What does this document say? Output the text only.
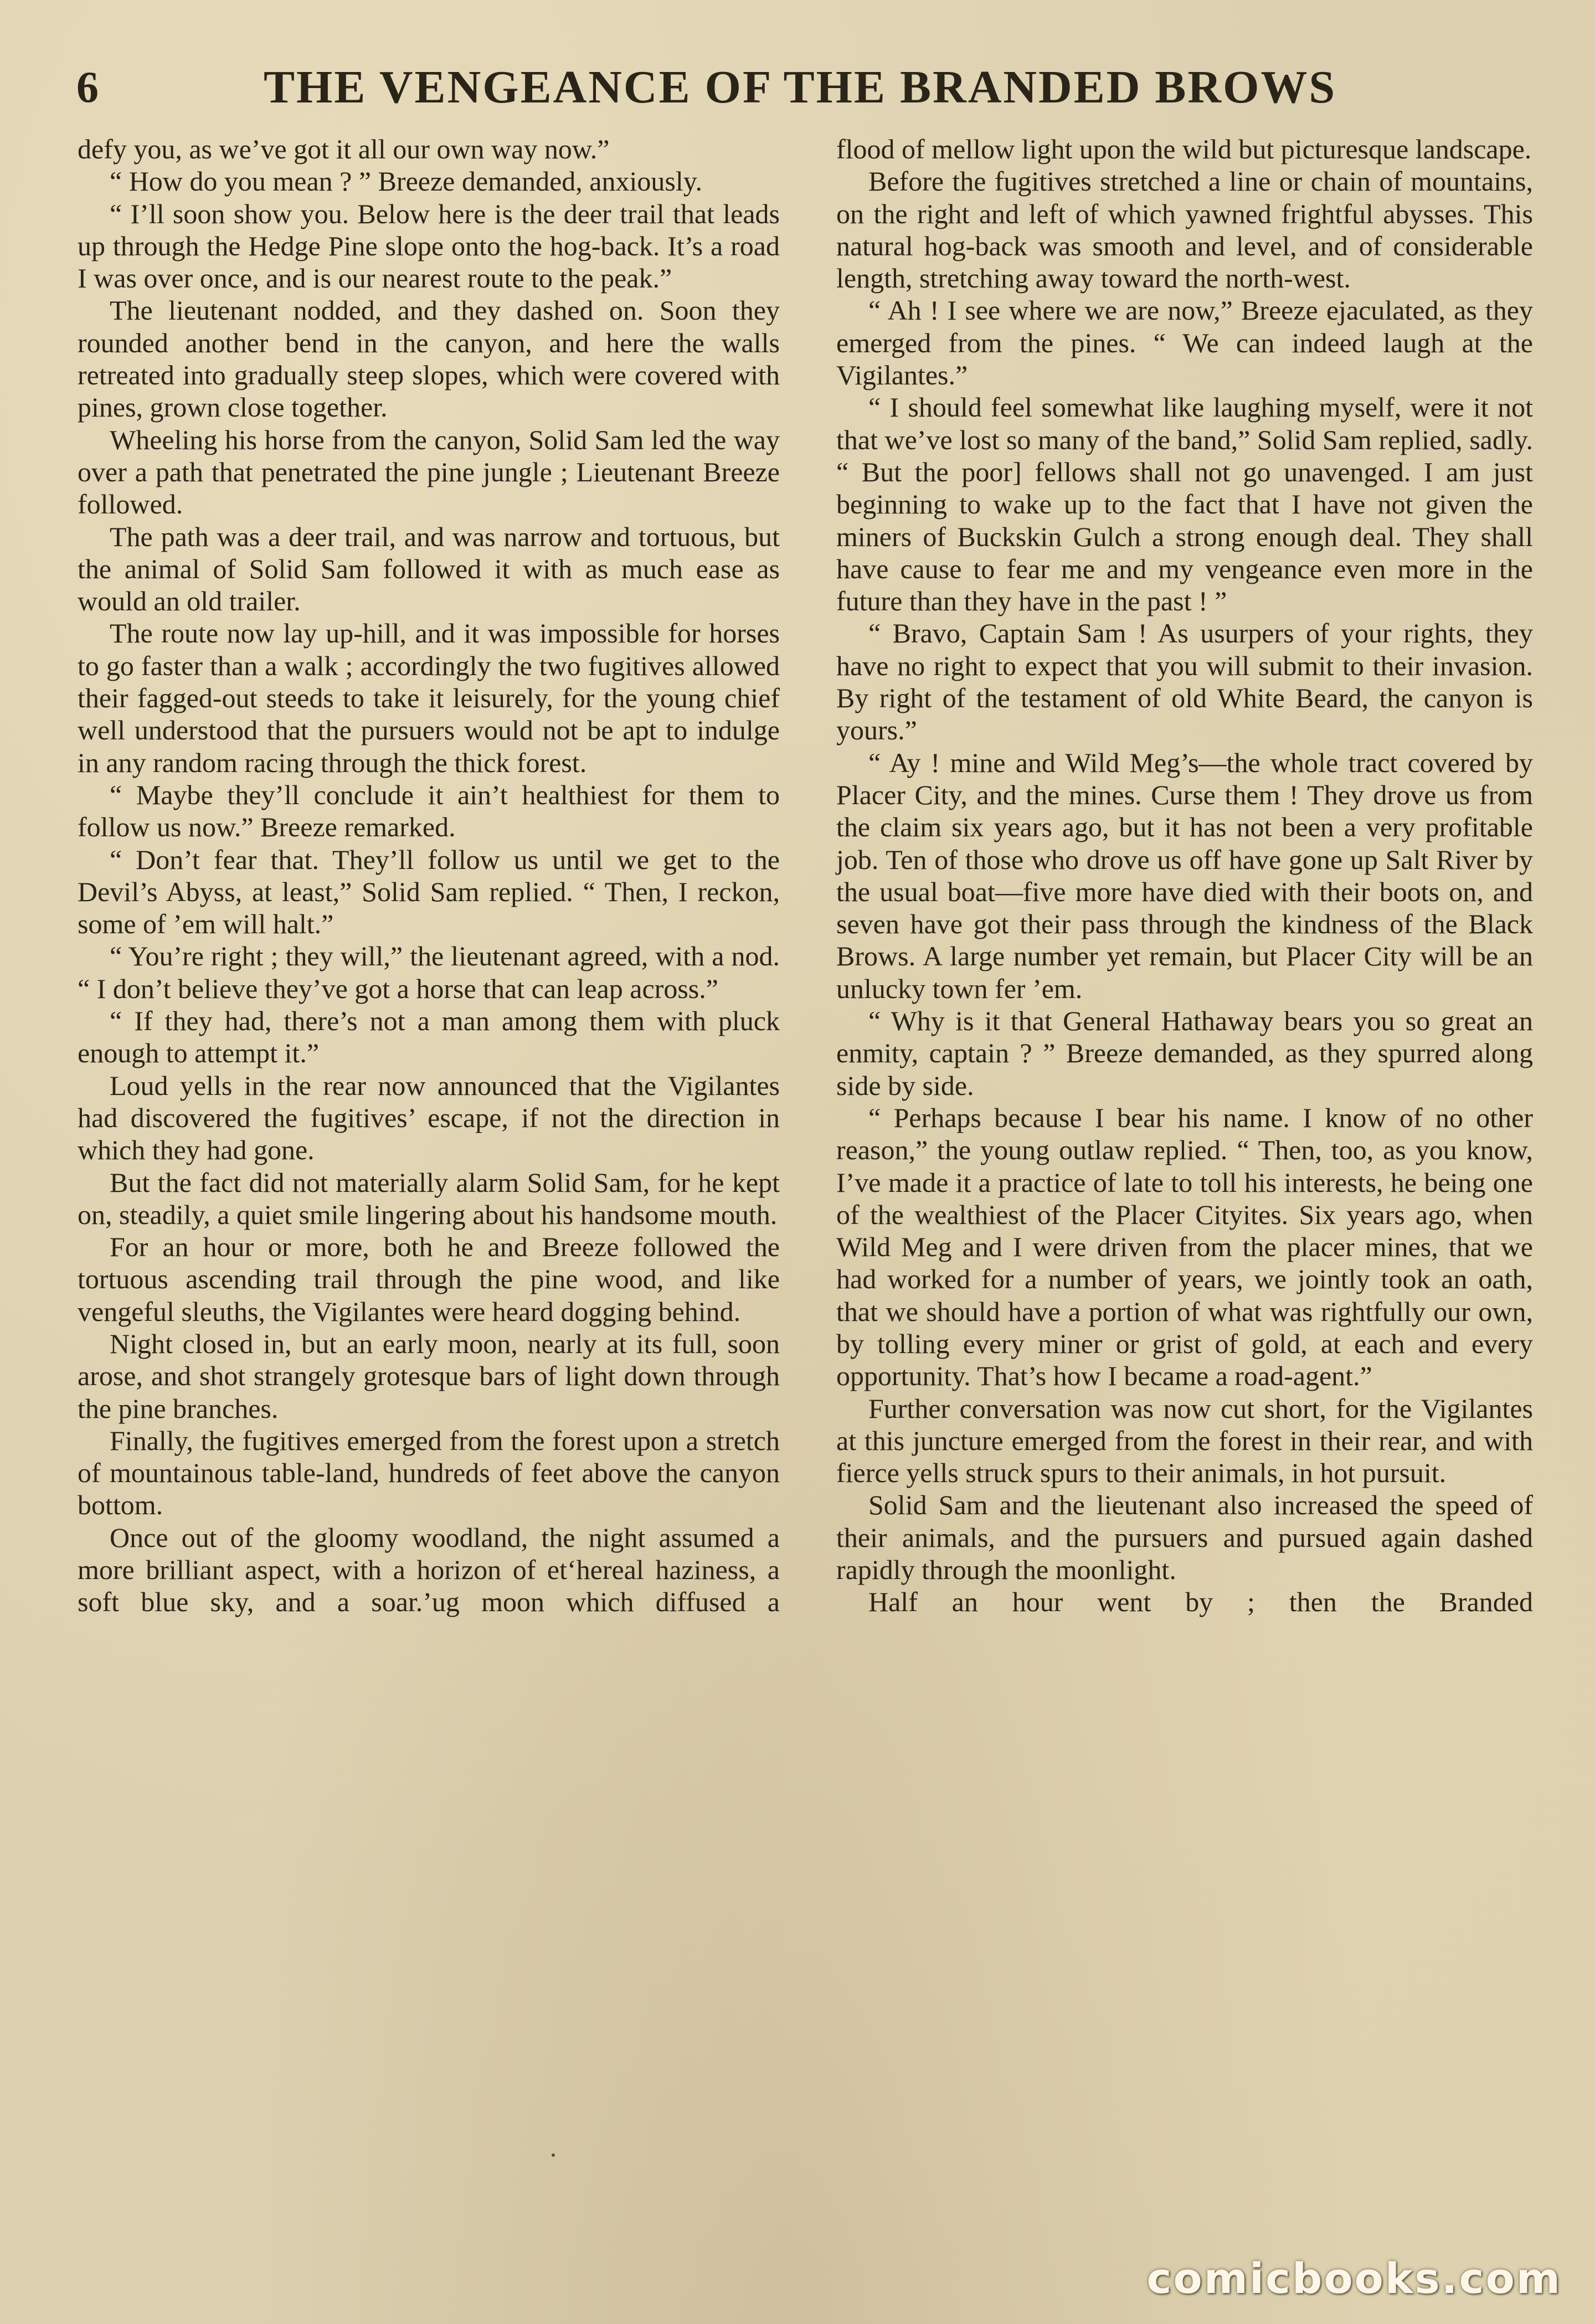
6	THE VENGEANCE OF THE BRANDED BROWS

defy you, as we’ve got it all our own way now.”

“ How do you mean ? ” Breeze demanded, anxiously.

“ I’ll soon show you. Below here is the deer trail that leads up through the Hedge Pine slope onto the hog-back. It’s a road I was over once, and is our nearest route to the peak.”

The lieutenant nodded, and they dashed on. Soon they rounded another bend in the canyon, and here the walls retreated into gradually steep slopes, which were covered with pines, grown close together.

Wheeling his horse from the canyon, Solid Sam led the way over a path that penetrated the pine jungle ; Lieutenant Breeze followed.

The path was a deer trail, and was narrow and tortuous, but the animal of Solid Sam followed it with as much ease as would an old trailer.

The route now lay up-hill, and it was impossible for horses to go faster than a walk ; accordingly the two fugitives allowed their fagged-out steeds to take it leisurely, for the young chief well understood that the pursuers would not be apt to indulge in any random racing through the thick forest.

“ Maybe they’ll conclude it ain’t healthiest for them to follow us now.” Breeze remarked.

“ Don’t fear that. They’ll follow us until we get to the Devil’s Abyss, at least,” Solid Sam replied. “ Then, I reckon, some of ’em will halt.”

“ You’re right ; they will,” the lieutenant agreed, with a nod. “ I don’t believe they’ve got a horse that can leap across.”

“ If they had, there’s not a man among them with pluck enough to attempt it.”

Loud yells in the rear now announced that the Vigilantes had discovered the fugitives’ escape, if not the direction in which they had gone.

But the fact did not materially alarm Solid Sam, for he kept on, steadily, a quiet smile lingering about his handsome mouth.

For an hour or more, both he and Breeze followed the tortuous ascending trail through the pine wood, and like vengeful sleuths, the Vigilantes were heard dogging behind.

Night closed in, but an early moon, nearly at its full, soon arose, and shot strangely grotesque bars of light down through the pine branches.

Finally, the fugitives emerged from the forest upon a stretch of mountainous table-land, hundreds of feet above the canyon bottom.

Once out of the gloomy woodland, the night assumed a more brilliant aspect, with a horizon of et‘hereal haziness, a soft blue sky, and a soar.’ug moon which diffused a

flood of mellow light upon the wild but picturesque landscape.

Before the fugitives stretched a line or chain of mountains, on the right and left of which yawned frightful abysses. This natural hog-back was smooth and level, and of considerable length, stretching away toward the north-west.

“ Ah ! I see where we are now,” Breeze ejaculated, as they emerged from the pines. “ We can indeed laugh at the Vigilantes.”

“ I should feel somewhat like laughing myself, were it not that we’ve lost so many of the band,” Solid Sam replied, sadly. “ But the poor] fellows shall not go unavenged. I am just beginning to wake up to the fact that I have not given the miners of Buckskin Gulch a strong enough deal. They shall have cause to fear me and my vengeance even more in the future than they have in the past ! ”

“ Bravo, Captain Sam ! As usurpers of your rights, they have no right to expect that you will submit to their invasion. By right of the testament of old White Beard, the canyon is yours.”

“ Ay ! mine and Wild Meg’s—the whole tract covered by Placer City, and the mines. Curse them ! They drove us from the claim six years ago, but it has not been a very profitable job. Ten of those who drove us off have gone up Salt River by the usual boat—five more have died with their boots on, and seven have got their pass through the kindness of the Black Brows. A large number yet remain, but Placer City will be an unlucky town fer ’em.

“ Why is it that General Hathaway bears you so great an enmity, captain ? ” Breeze demanded, as they spurred along side by side.

“ Perhaps because I bear his name. I know of no other reason,” the young outlaw replied. “ Then, too, as you know, I’ve made it a practice of late to toll his interests, he being one of the wealthiest of the Placer Cityites. Six years ago, when Wild Meg and I were driven from the placer mines, that we had worked for a number of years, we jointly took an oath, that we should have a portion of what was rightfully our own, by tolling every miner or grist of gold, at each and every opportunity. That’s how I became a road-agent.”

Further conversation was now cut short, for the Vigilantes at this juncture emerged from the forest in their rear, and with fierce yells struck spurs to their animals, in hot pursuit.

Solid Sam and the lieutenant also increased the speed of their animals, and the pursuers and pursued again dashed rapidly through the moonlight.

Half an hour went by ; then the Branded

comicbooks.com
